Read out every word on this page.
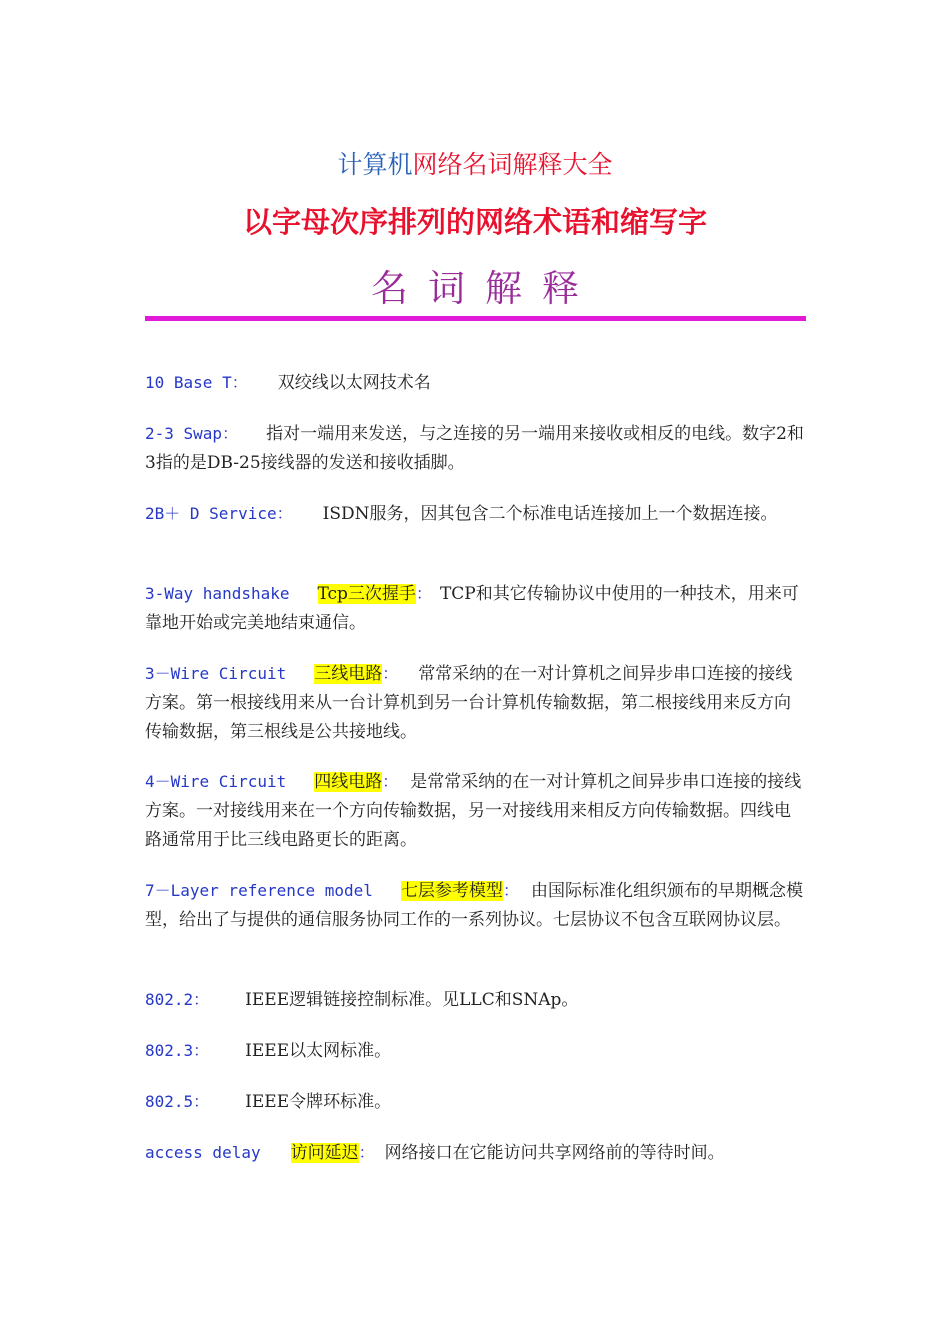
计算机网络名词解释大全
以字母次序排列的网络术语和缩写字
名词解释
10 Base T： 双绞线以太网技术名
2-3 Swap： 指对一端用来发送，与之连接的另一端用来接收或相反的电线。数字2和3指的是DB-25接线器的发送和接收插脚。
2B＋ D Service： ISDN服务，因其包含二个标准电话连接加上一个数据连接。
3-Way handshake Tcp三次握手： TCP和其它传输协议中使用的一种技术，用来可靠地开始或完美地结束通信。
3－Wire Circuit 三线电路： 常常采纳的在一对计算机之间异步串口连接的接线方案。第一根接线用来从一台计算机到另一台计算机传输数据，第二根接线用来反方向传输数据，第三根线是公共接地线。
4－Wire Circuit 四线电路： 是常常采纳的在一对计算机之间异步串口连接的接线方案。一对接线用来在一个方向传输数据，另一对接线用来相反方向传输数据。四线电路通常用于比三线电路更长的距离。
7－Layer reference model 七层参考模型： 由国际标准化组织颁布的早期概念模型，给出了与提供的通信服务协同工作的一系列协议。七层协议不包含互联网协议层。
802.2： IEEE逻辑链接控制标准。见LLC和SNAp。
802.3： IEEE以太网标准。
802.5： IEEE令牌环标准。
access delay 访问延迟： 网络接口在它能访问共享网络前的等待时间。
